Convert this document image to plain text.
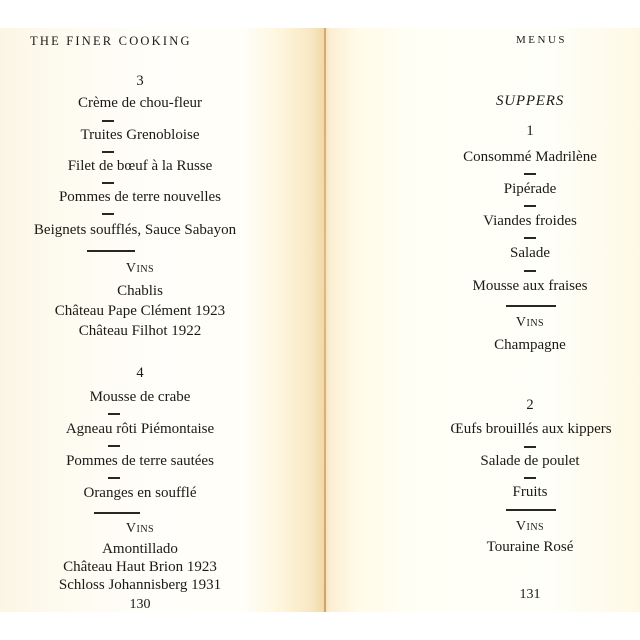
THE FINER COOKING
3
Crème de chou-fleur
Truites Grenobloise
Filet de bœuf à la Russe
Pommes de terre nouvelles
Beignets soufflés, Sauce Sabayon
Vins
Chablis
Château Pape Clément 1923
Château Filhot 1922
4
Mousse de crabe
Agneau rôti Piémontaise
Pommes de terre sautées
Oranges en soufflé
Vins
Amontillado
Château Haut Brion 1923
Schloss Johannisberg 1931
130
MENUS
SUPPERS
1
Consommé Madrilène
Pipérade
Viandes froides
Salade
Mousse aux fraises
Vins
Champagne
2
Œufs brouillés aux kippers
Salade de poulet
Fruits
Vins
Touraine Rosé
131
